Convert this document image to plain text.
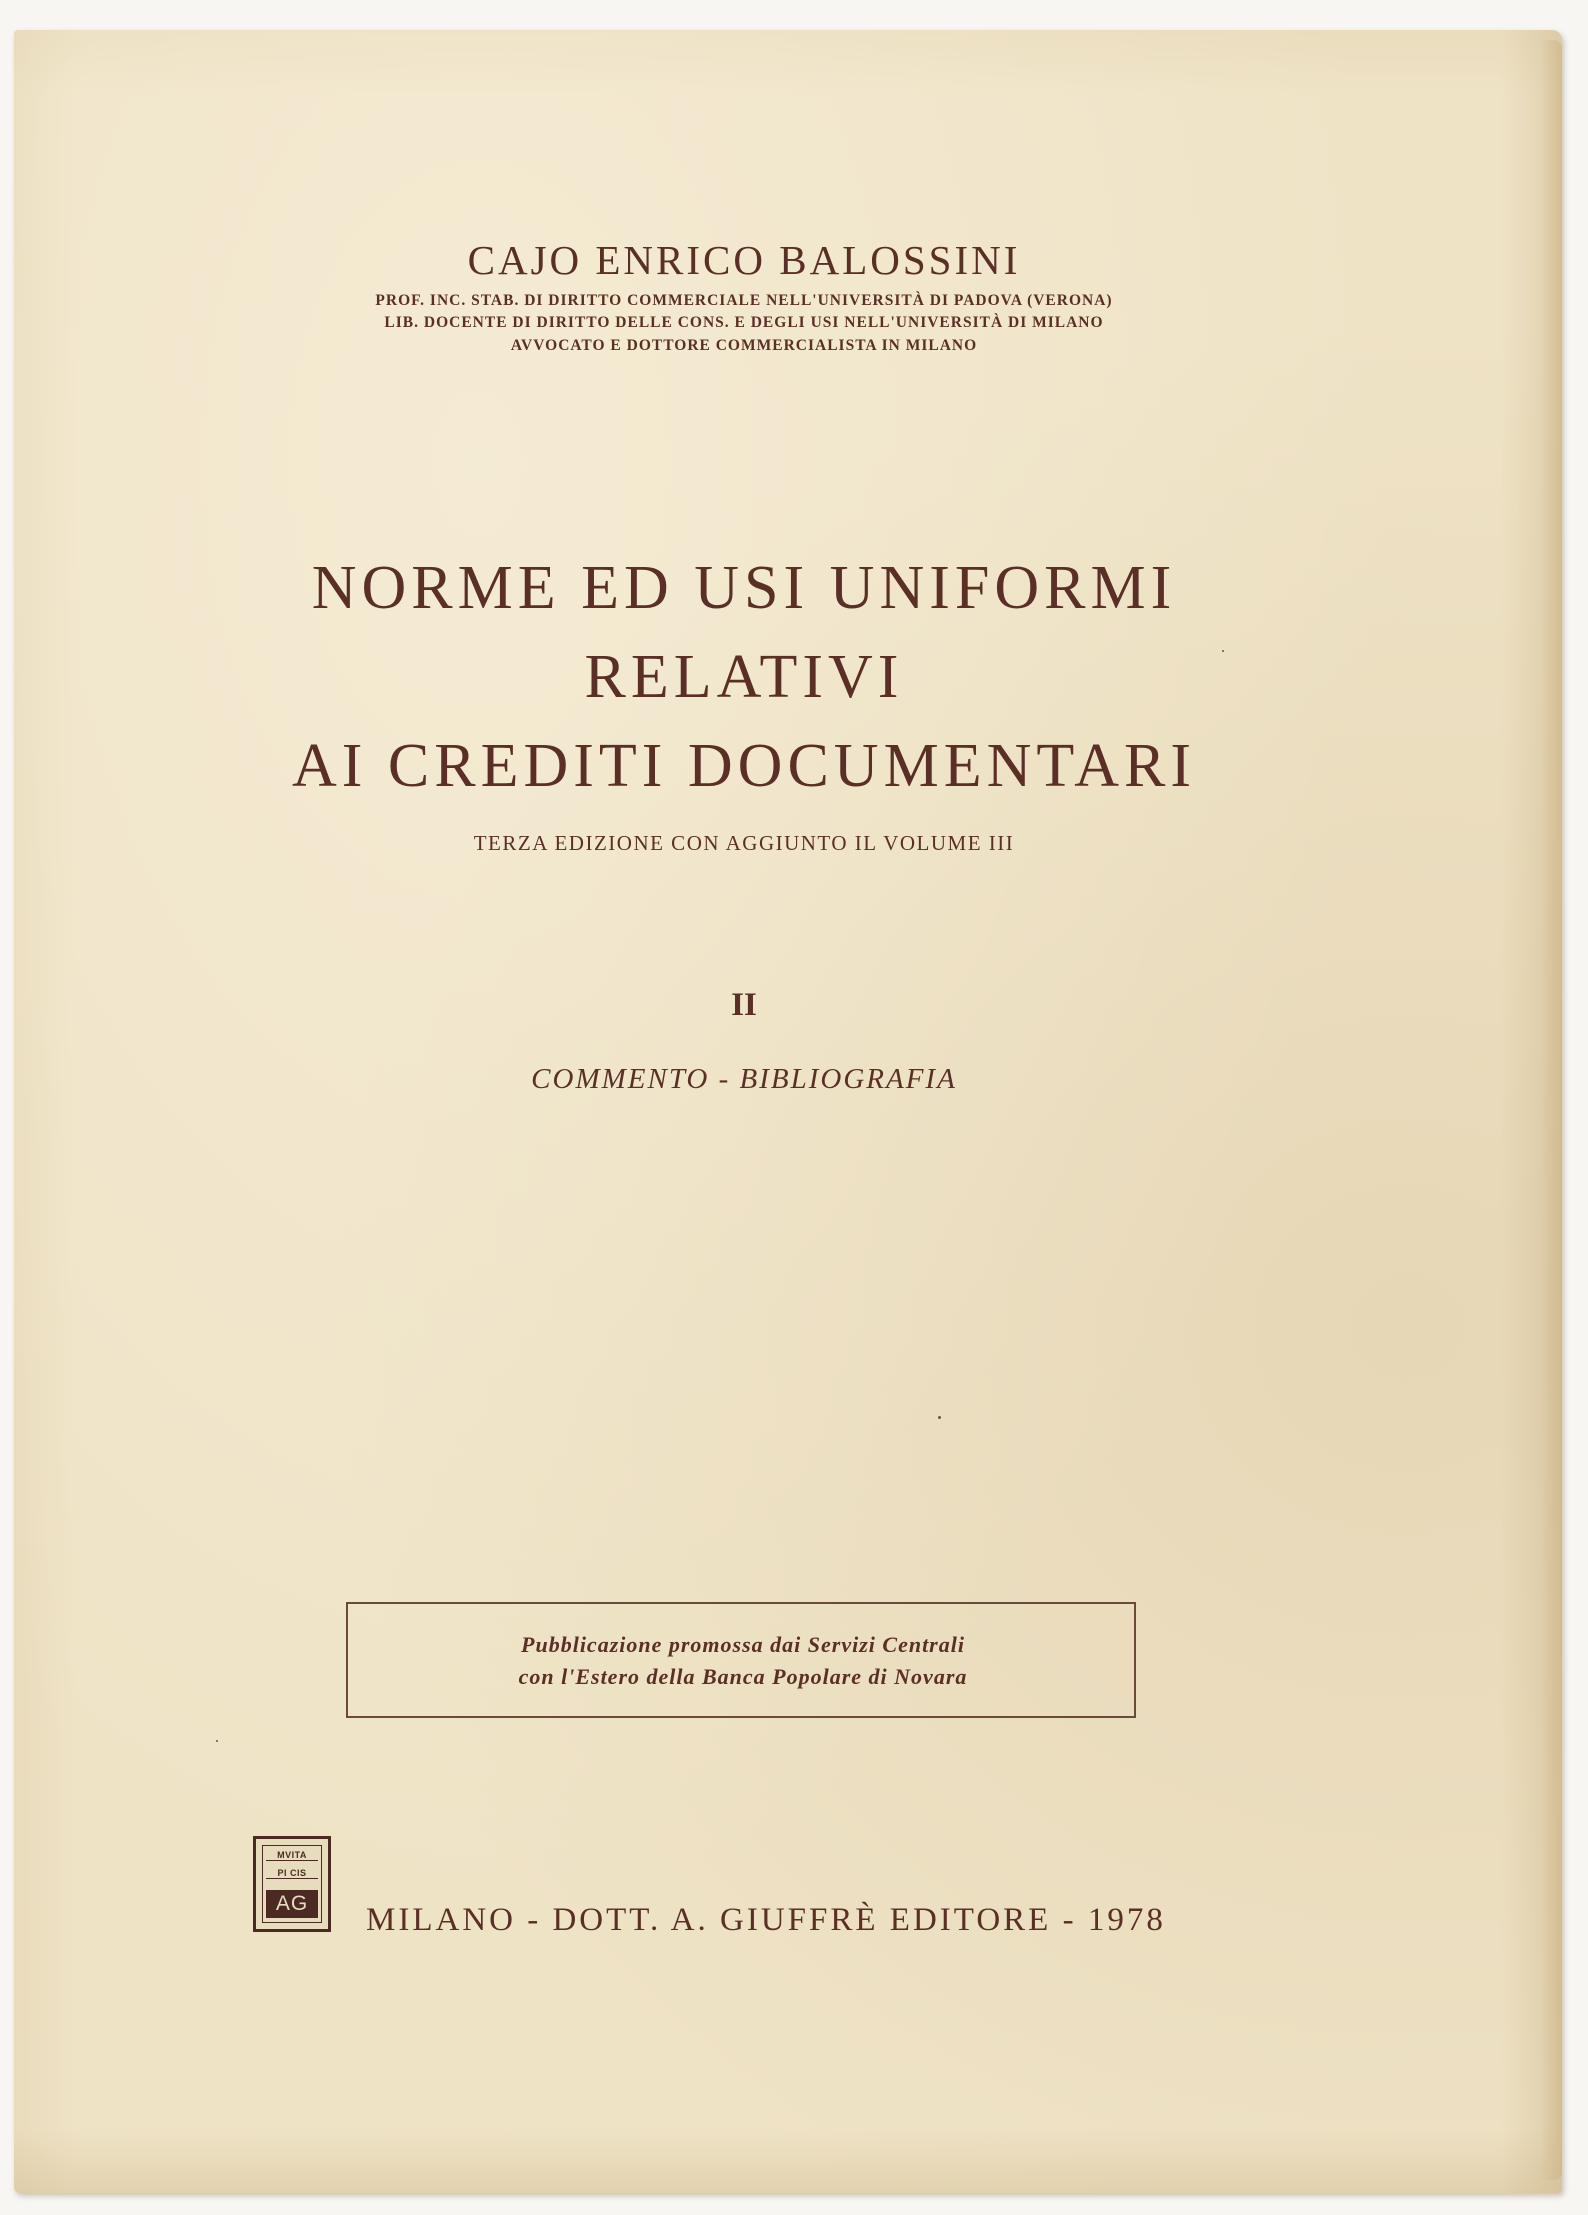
CAJO ENRICO BALOSSINI
PROF. INC. STAB. DI DIRITTO COMMERCIALE NELL'UNIVERSITÀ DI PADOVA (VERONA)
LIB. DOCENTE DI DIRITTO DELLE CONS. E DEGLI USI NELL'UNIVERSITÀ DI MILANO
AVVOCATO E DOTTORE COMMERCIALISTA IN MILANO
NORME ED USI UNIFORMI
RELATIVI
AI CREDITI DOCUMENTARI
TERZA EDIZIONE CON AGGIUNTO IL VOLUME III
II
COMMENTO - BIBLIOGRAFIA
Pubblicazione promossa dai Servizi Centrali
con l'Estero della Banca Popolare di Novara
MVITA
PI CIS
AG MILANO - DOTT. A. GIUFFRÈ EDITORE - 1978
